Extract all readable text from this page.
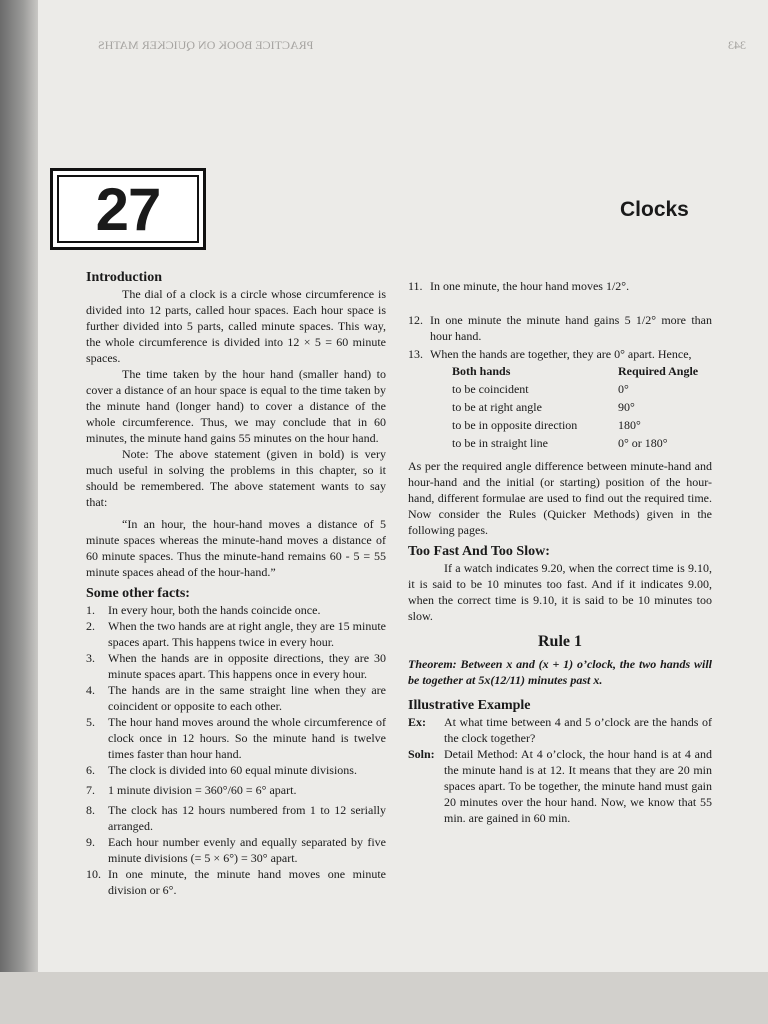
PRACTICE BOOK ON QUICKER MATHS	343
27	Clocks
Introduction

The dial of a clock is a circle whose circumference is divided into 12 parts, called hour spaces. Each hour space is further divided into 5 parts, called minute spaces. This way, the whole circumference is divided into 12 × 5 = 60 minute spaces.

The time taken by the hour hand (smaller hand) to cover a distance of an hour space is equal to the time taken by the minute hand (longer hand) to cover a distance of the whole circumference. Thus, we may conclude that in 60 minutes, the minute hand gains 55 minutes on the hour hand.

Note: The above statement (given in bold) is very much useful in solving the problems in this chapter, so it should be remembered. The above statement wants to say that:

“In an hour, the hour-hand moves a distance of 5 minute spaces whereas the minute-hand moves a distance of 60 minute spaces. Thus the minute-hand remains 60 - 5 = 55 minute spaces ahead of the hour-hand.”

Some other facts:
1. In every hour, both the hands coincide once.
2. When the two hands are at right angle, they are 15 minute spaces apart. This happens twice in every hour.
3. When the hands are in opposite directions, they are 30 minute spaces apart. This happens once in every hour.
4. The hands are in the same straight line when they are coincident or opposite to each other.
5. The hour hand moves around the whole circumference of clock once in 12 hours. So the minute hand is twelve times faster than hour hand.
6. The clock is divided into 60 equal minute divisions.
7. 1 minute division = 360°/60 = 6° apart.
8. The clock has 12 hours numbered from 1 to 12 serially arranged.
9. Each hour number evenly and equally separated by five minute divisions (= 5 × 6°) = 30° apart.
10. In one minute, the minute hand moves one minute division or 6°.
11. In one minute, the hour hand moves 1/2°.
12. In one minute the minute hand gains 5 1/2° more than hour hand.
13. When the hands are together, they are 0° apart. Hence,
Both hands	Required Angle
to be coincident	0°
to be at right angle	90°
to be in opposite direction	180°
to be in straight line	0° or 180°

As per the required angle difference between minute-hand and hour-hand and the initial (or starting) position of the hour-hand, different formulae are used to find out the required time. Now consider the Rules (Quicker Methods) given in the following pages.

Too Fast And Too Slow:

If a watch indicates 9.20, when the correct time is 9.10, it is said to be 10 minutes too fast. And if it indicates 9.00, when the correct time is 9.10, it is said to be 10 minutes too slow.

Rule 1

Theorem: Between x and (x + 1) o’clock, the two hands will be together at 5x(12/11) minutes past x.

Illustrative Example
Ex:	At what time between 4 and 5 o’clock are the hands of the clock together?
Soln: Detail Method: At 4 o’clock, the hour hand is at 4 and the minute hand is at 12. It means that they are 20 min spaces apart. To be together, the minute hand must gain 20 minutes over the hour hand. Now, we know that 55 min. are gained in 60 min.
